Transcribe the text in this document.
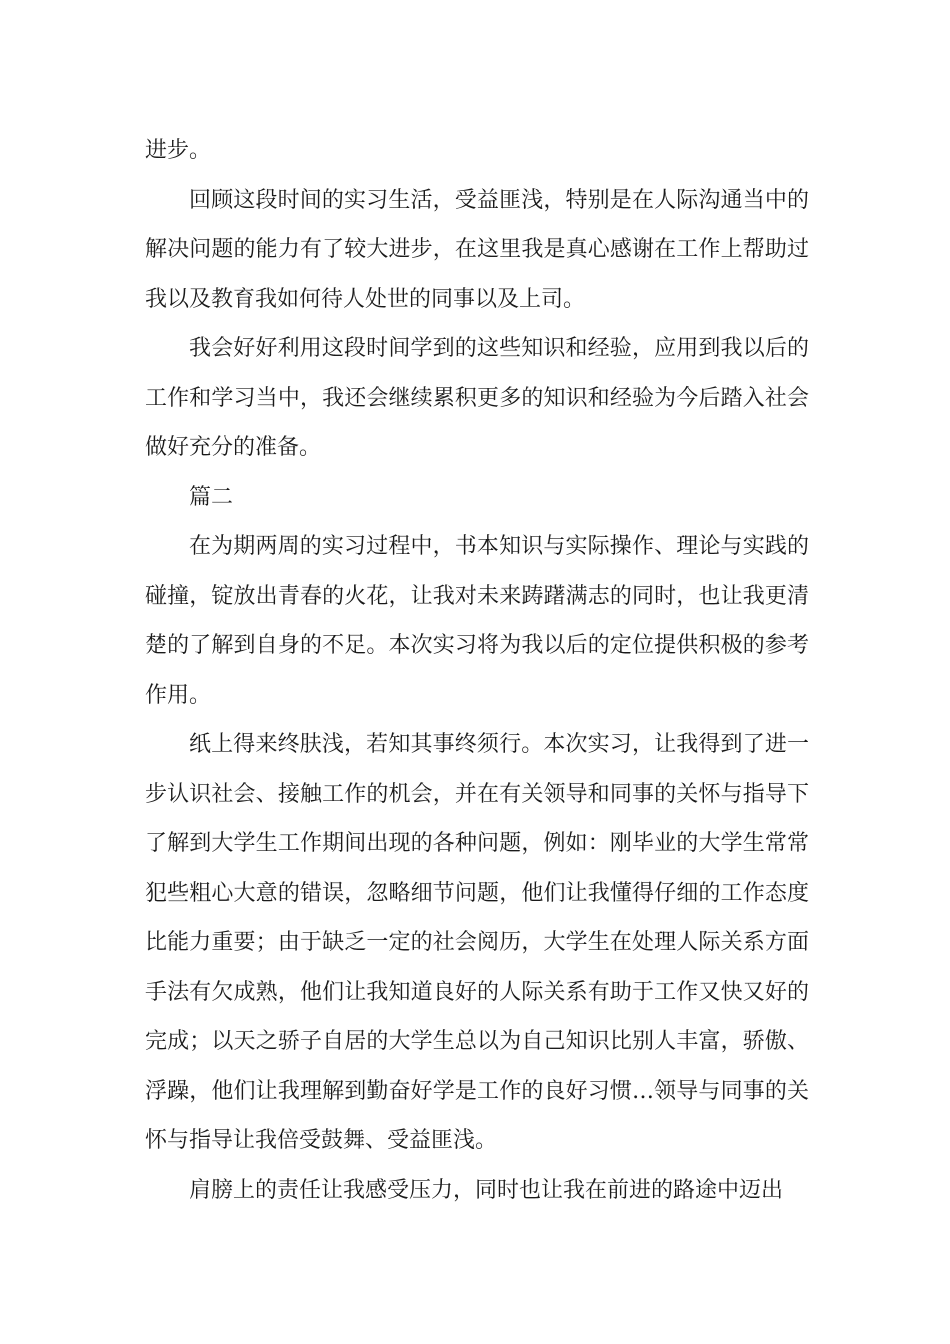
进步。

回顾这段时间的实习生活，受益匪浅，特别是在人际沟通当中的解决问题的能力有了较大进步，在这里我是真心感谢在工作上帮助过我以及教育我如何待人处世的同事以及上司。

我会好好利用这段时间学到的这些知识和经验，应用到我以后的工作和学习当中，我还会继续累积更多的知识和经验为今后踏入社会做好充分的准备。

篇二

在为期两周的实习过程中，书本知识与实际操作、理论与实践的碰撞，锭放出青春的火花，让我对未来踌躇满志的同时，也让我更清楚的了解到自身的不足。本次实习将为我以后的定位提供积极的参考作用。

纸上得来终肤浅，若知其事终须行。本次实习，让我得到了进一步认识社会、接触工作的机会，并在有关领导和同事的关怀与指导下了解到大学生工作期间出现的各种问题，例如：刚毕业的大学生常常犯些粗心大意的错误，忽略细节问题，他们让我懂得仔细的工作态度比能力重要；由于缺乏一定的社会阅历，大学生在处理人际关系方面手法有欠成熟，他们让我知道良好的人际关系有助于工作又快又好的完成；以天之骄子自居的大学生总以为自己知识比别人丰富，骄傲、浮躁，他们让我理解到勤奋好学是工作的良好习惯…领导与同事的关怀与指导让我倍受鼓舞、受益匪浅。

肩膀上的责任让我感受压力，同时也让我在前进的路途中迈出
